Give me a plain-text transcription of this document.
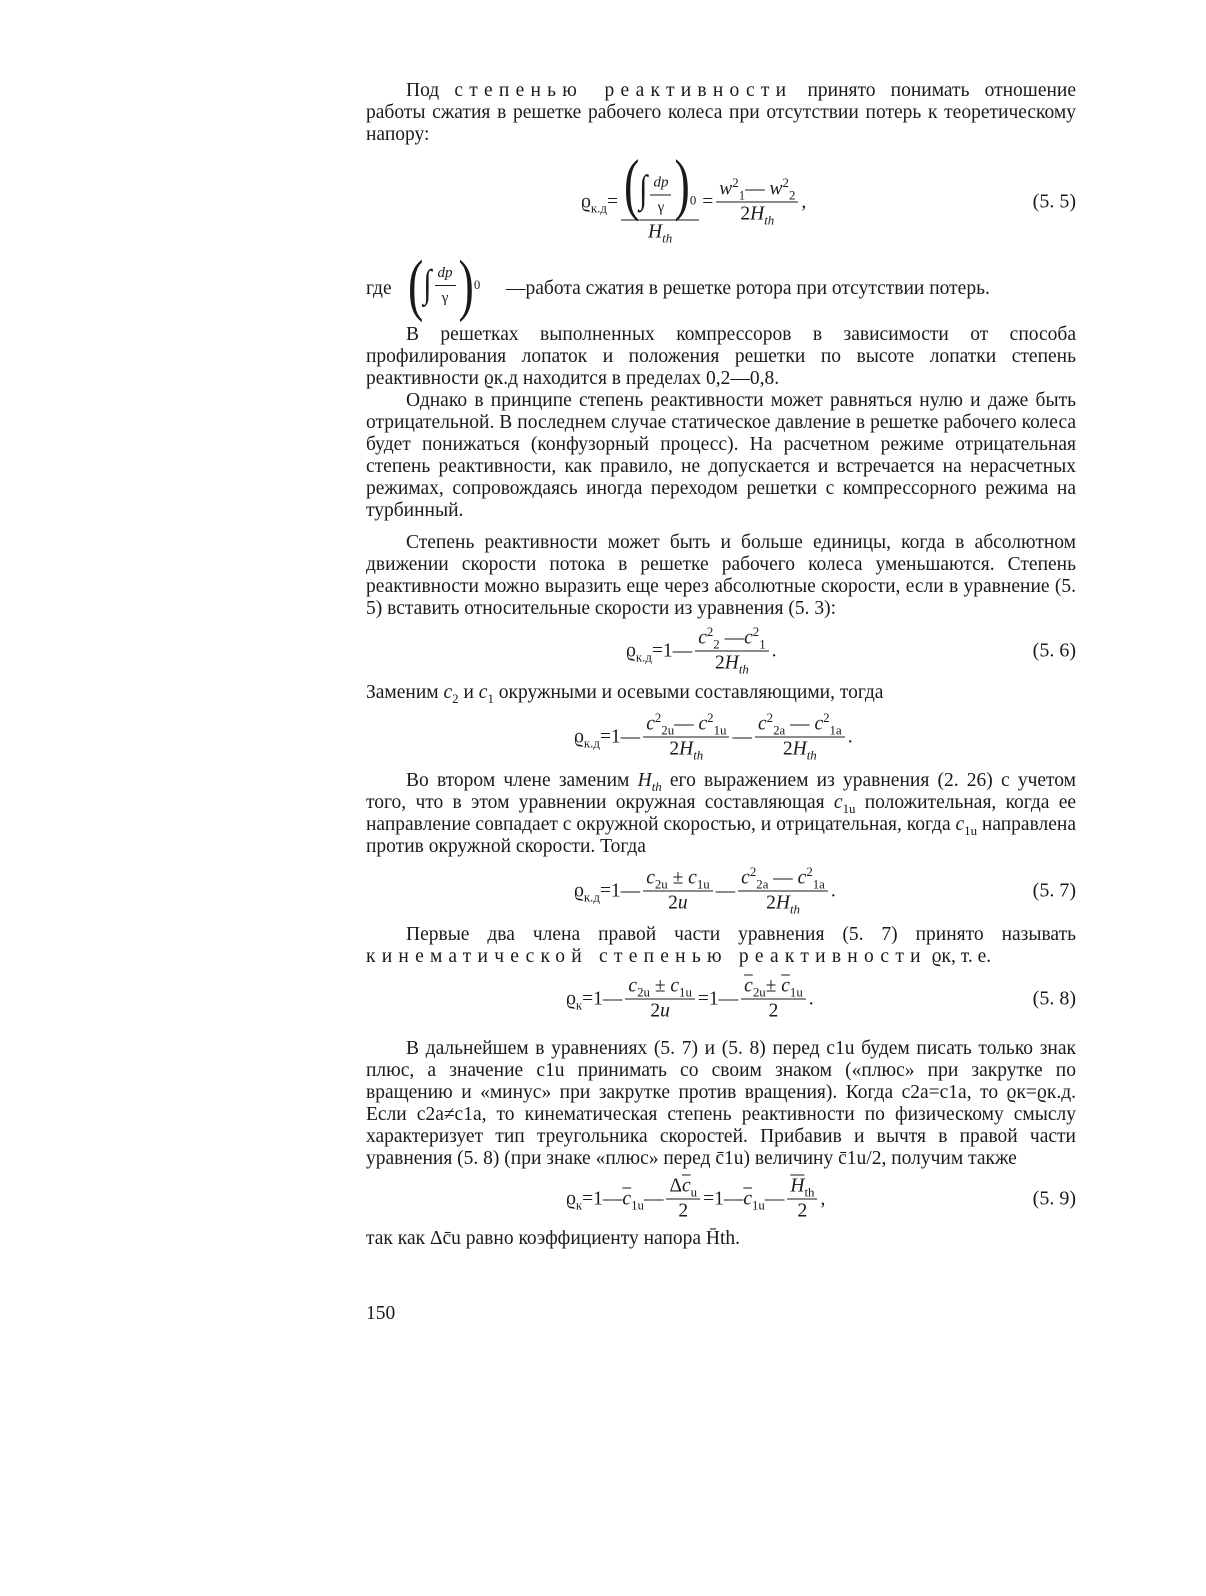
Под степенью реактивности принято понимать отношение работы сжатия в решетке рабочего колеса при отсутствии потерь к теоретическому напору:

$ϱ_{к.д}= \frac{(\int \frac{dp}{\gamma} )_0}{H_{th}} = \frac{w^2_1— w^2_2}{2H_{th}}$ ,	(5. 5)
где ( ∫ $\frac{dp}{\gamma}$ ) 0 —работа сжатия в решетке ротора при отсутствии потерь.

В решетках выполненных компрессоров в зависимости от способа профилирования лопаток и положения решетки по высоте лопатки степень реактивности ϱк.д находится в пределах 0,2—0,8.

Однако в принципе степень реактивности может равняться нулю и даже быть отрицательной. В последнем случае статическое давление в решетке рабочего колеса будет понижаться (конфузорный процесс). На расчетном режиме отрицательная степень реактивности, как правило, не допускается и встречается на нерасчетных режимах, сопровождаясь иногда переходом решетки с компрессорного режима на турбинный.

Степень реактивности может быть и больше единицы, когда в абсолютном движении скорости потока в решетке рабочего колеса уменьшаются. Степень реактивности можно выразить еще через абсолютные скорости, если в уравнение (5. 5) вставить относительные скорости из уравнения (5. 3):

$ϱ_{к.д}=1— \frac{c^2_2 —c^2_1}{2H_{th}}$ .	(5. 6)

Заменим $c_2$ и $c_1$ окружными и осевыми составляющими, тогда

$ϱ_{к.д}=1— \frac{c^2_{2u}— c^2_{1u}}{2H_{th}}$ — $\frac{c^2_{2a} — c^2_{1a}}{2H_{th}}$ .

Во втором члене заменим $H_{th}$ его выражением из уравнения (2. 26) с учетом того, что в этом уравнении окружная составляющая $c_{1u}$ положительная, когда ее направление совпадает с окружной скоростью, и отрицательная, когда $c_{1u}$ направлена против окружной скорости. Тогда

$ϱ_{к.д}=1— \frac{c_{2u} \pm c_{1u}}{2u}$ — $\frac{c^2_{2a} — c^2_{1a}}{2H_{th}}$ .	(5. 7)

Первые два члена правой части уравнения (5. 7) принято называть кинематической степенью реактивности ϱк, т. е.

$ϱ_к=1— \frac{c_{2u} \pm c_{1u}}{2u}$ =1— $\frac{\overline{c}_{2u}\pm \overline{c}_{1u}}{2}$ .	(5. 8)

В дальнейшем в уравнениях (5. 7) и (5. 8) перед c1u будем писать только знак плюс, а значение c1u принимать со своим знаком («плюс» при закрутке по вращению и «минус» при закрутке против вращения). Когда c2a=c1a, то ϱк=ϱк.д. Если c2a≠c1a, то кинематическая степень реактивности по физическому смыслу характеризует тип треугольника скоростей. Прибавив и вычтя в правой части уравнения (5. 8) (при знаке «плюс» перед c̄1u) величину c̄1u/2, получим также

$ϱ_к=1—\overline{c}_{1u}— \frac{\Delta\overline{c}_u}{2}$ $=1—\overline{c}_{1u}— \frac{\overline{H}_{th}}{2}$ ,	(5. 9)

так как Δc̄u равно коэффициенту напора H̄th.

150
